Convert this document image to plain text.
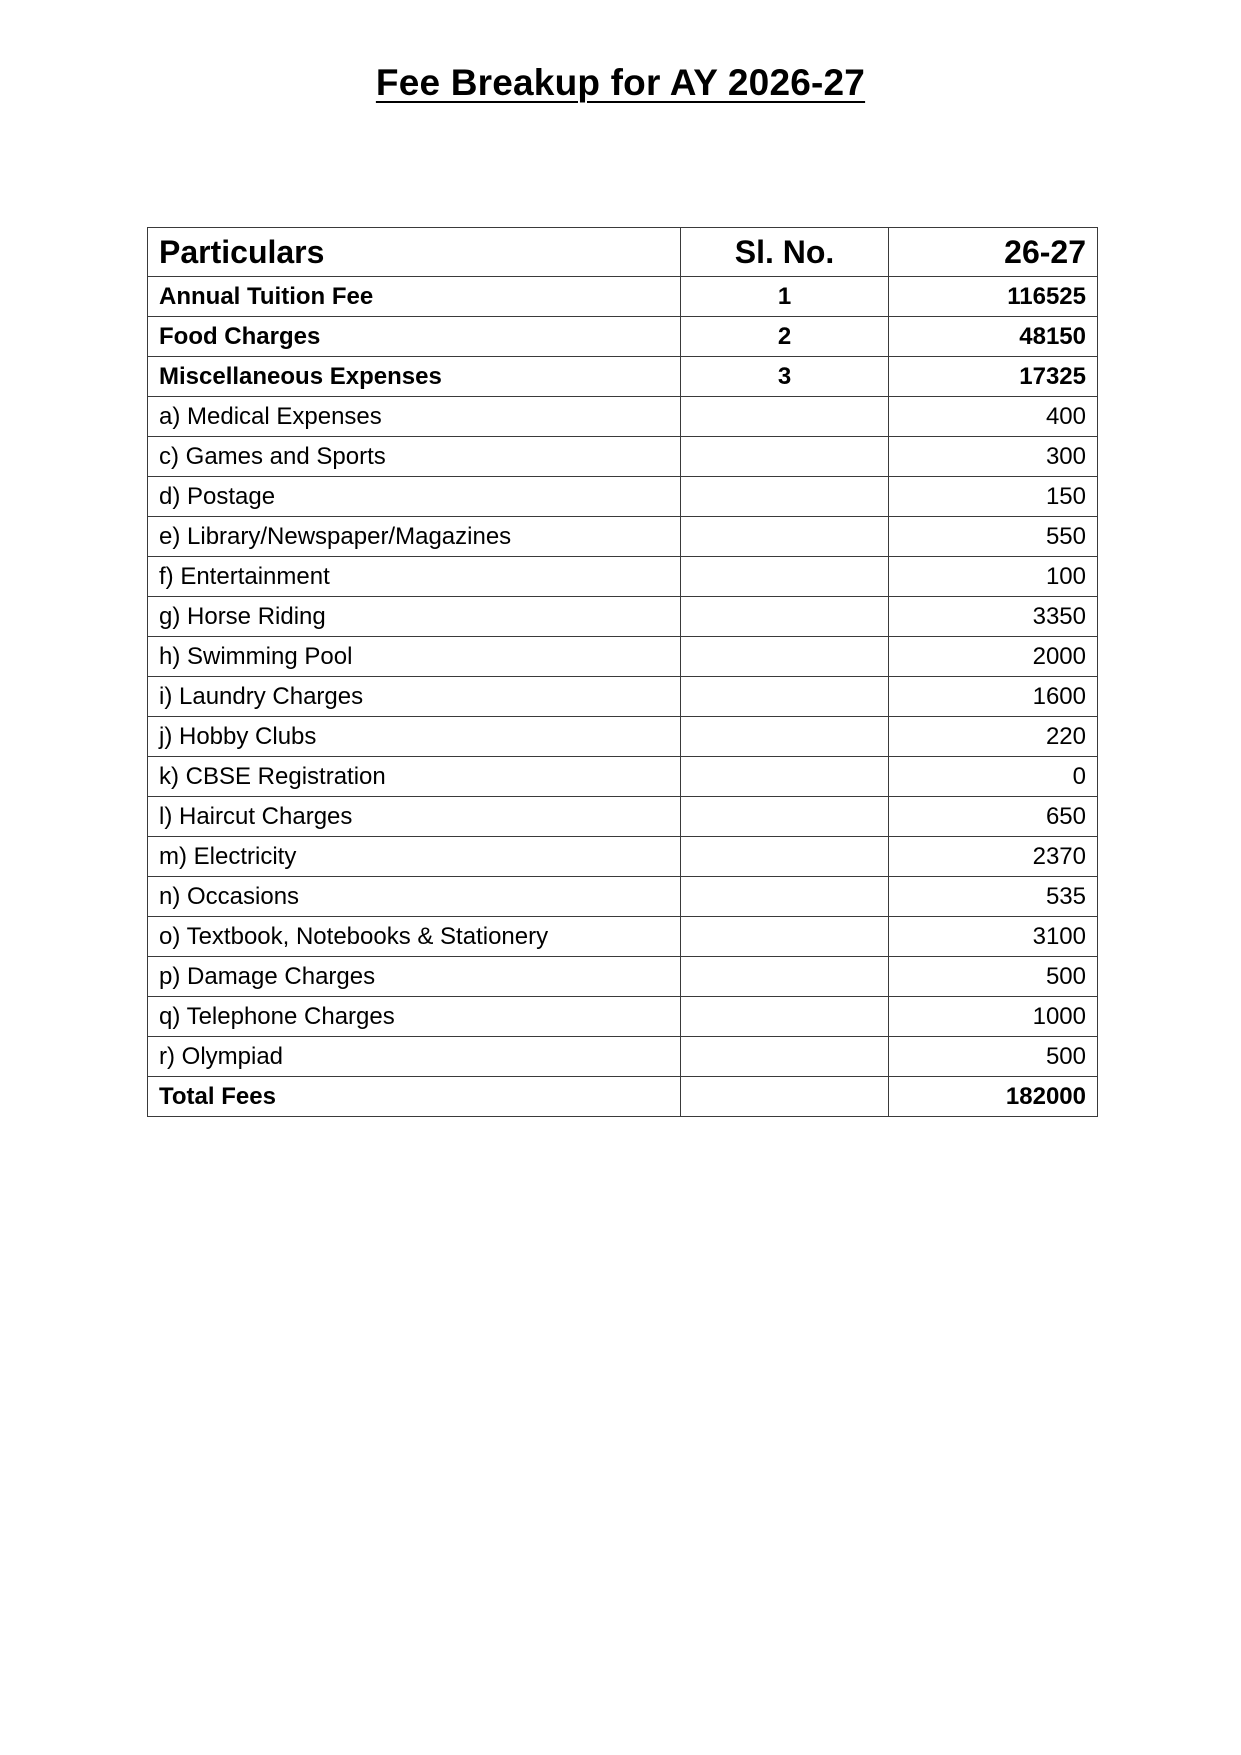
Fee Breakup for AY 2026-27
Particulars	Sl. No.	26-27
Annual Tuition Fee	1	116525
Food Charges	2	48150
Miscellaneous Expenses	3	17325
a) Medical Expenses		400
c) Games and Sports		300
d) Postage		150
e) Library/Newspaper/Magazines		550
f) Entertainment		100
g) Horse Riding		3350
h) Swimming Pool		2000
i) Laundry Charges		1600
j) Hobby Clubs		220
k) CBSE Registration		0
l) Haircut Charges		650
m) Electricity		2370
n) Occasions		535
o) Textbook, Notebooks & Stationery		3100
p) Damage Charges		500
q) Telephone Charges		1000
r) Olympiad		500
Total Fees		182000
